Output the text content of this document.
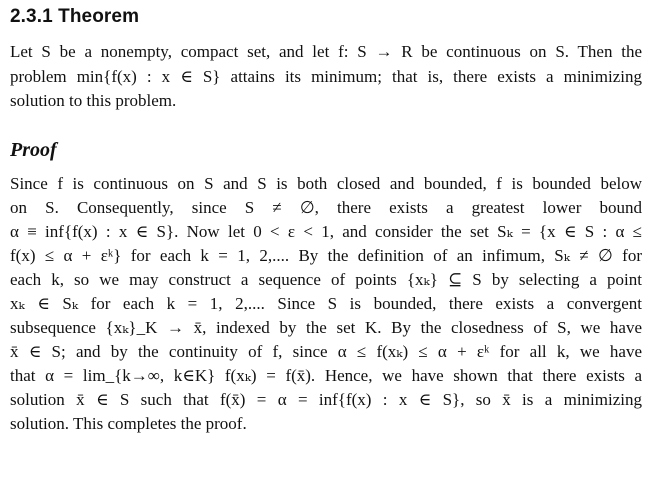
2.3.1 Theorem
Let S be a nonempty, compact set, and let f: S → R be continuous on S. Then the
problem min{f(x) : x ∈ S} attains its minimum; that is, there exists a minimizing
solution to this problem.
Proof
Since f is continuous on S and S is both closed and bounded, f is bounded below
on S. Consequently, since S ≠ ∅, there exists a greatest lower bound
α ≡ inf{f(x) : x ∈ S}. Now let 0 < ε < 1, and consider the set Sₖ = {x ∈ S : α ≤
f(x) ≤ α + εᵏ} for each k = 1, 2,.... By the definition of an infimum, Sₖ ≠ ∅ for
each k, so we may construct a sequence of points {xₖ} ⊆ S by selecting a point
xₖ ∈ Sₖ for each k = 1, 2,.... Since S is bounded, there exists a convergent
subsequence {xₖ}_K → x̄, indexed by the set K. By the closedness of S, we have
x̄ ∈ S; and by the continuity of f, since α ≤ f(xₖ) ≤ α + εᵏ for all k, we have
that α = lim_{k→∞, k∈K} f(xₖ) = f(x̄). Hence, we have shown that there exists a
solution x̄ ∈ S such that f(x̄) = α = inf{f(x) : x ∈ S}, so x̄ is a minimizing
solution. This completes the proof.
